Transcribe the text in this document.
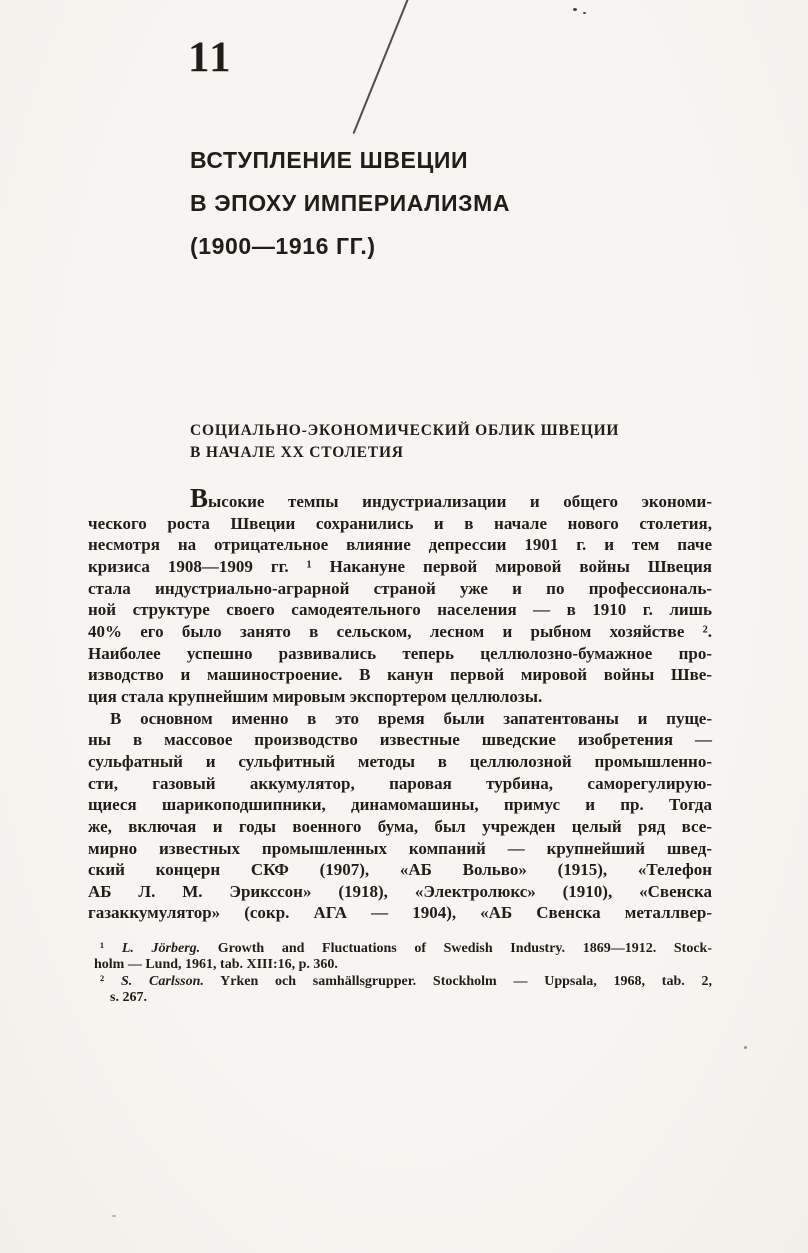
11
ВСТУПЛЕНИЕ ШВЕЦИИ
В ЭПОХУ ИМПЕРИАЛИЗМА
(1900—1916 ГГ.)
СОЦИАЛЬНО-ЭКОНОМИЧЕСКИЙ ОБЛИК ШВЕЦИИ
В НАЧАЛЕ XX СТОЛЕТИЯ
Высокие темпы индустриализации и общего экономи-
ческого роста Швеции сохранились и в начале нового столетия,
несмотря на отрицательное влияние депрессии 1901 г. и тем паче
кризиса 1908—1909 гг. ¹ Накануне первой мировой войны Швеция
стала индустриально-аграрной страной уже и по профессиональ-
ной структуре своего самодеятельного населения — в 1910 г. лишь
40% его было занято в сельском, лесном и рыбном хозяйстве ².
Наиболее успешно развивались теперь целлюлозно-бумажное про-
изводство и машиностроение. В канун первой мировой войны Шве-
ция стала крупнейшим мировым экспортером целлюлозы.
В основном именно в это время были запатентованы и пуще-
ны в массовое производство известные шведские изобретения —
сульфатный и сульфитный методы в целлюлозной промышленно-
сти, газовый аккумулятор, паровая турбина, саморегулирую-
щиеся шарикоподшипники, динамомашины, примус и пр. Тогда
же, включая и годы военного бума, был учрежден целый ряд все-
мирно известных промышленных компаний — крупнейший швед-
ский концерн СКФ (1907), «АБ Вольво» (1915), «Телефон
АБ Л. М. Эрикссон» (1918), «Электролюкс» (1910), «Свенска
газаккумулятор» (сокр. АГА — 1904), «АБ Свенска металлвер-
¹ L. Jörberg. Growth and Fluctuations of Swedish Industry. 1869—1912. Stock-
holm — Lund, 1961, tab. XIII:16, p. 360.
² S. Carlsson. Yrken och samhällsgrupper. Stockholm — Uppsala, 1968, tab. 2,
s. 267.
